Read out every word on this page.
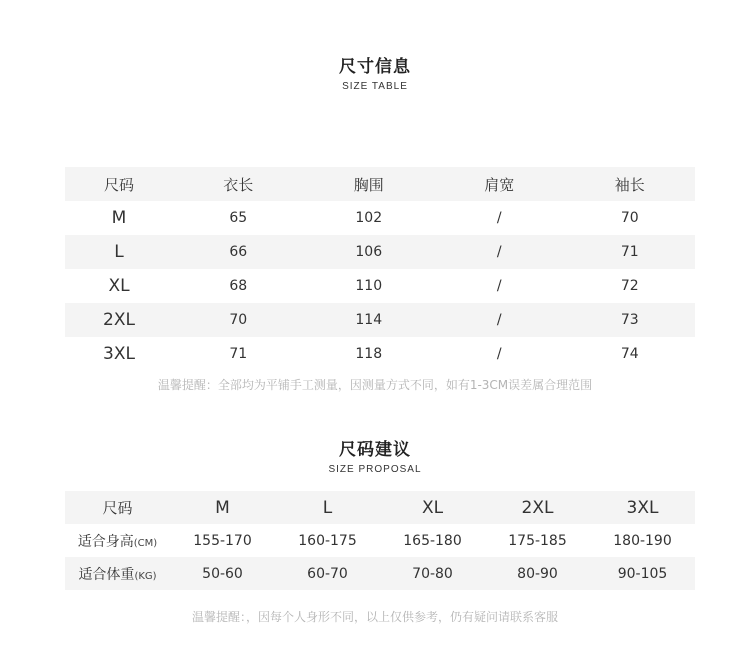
尺寸信息
SIZE TABLE
尺码	衣长	胸围	肩宽	袖长
M	65	102	/	70
L	66	106	/	71
XL	68	110	/	72
2XL	70	114	/	73
3XL	71	118	/	74
温馨提醒：全部均为平铺手工测量，因测量方式不同，如有1-3CM误差属合理范围
尺码建议
SIZE PROPOSAL
尺码	M	L	XL	2XL	3XL
适合身高(CM)	155-170	160-175	165-180	175-185	180-190
适合体重(KG)	50-60	60-70	70-80	80-90	90-105
温馨提醒：，因每个人身形不同，以上仅供参考，仍有疑问请联系客服
